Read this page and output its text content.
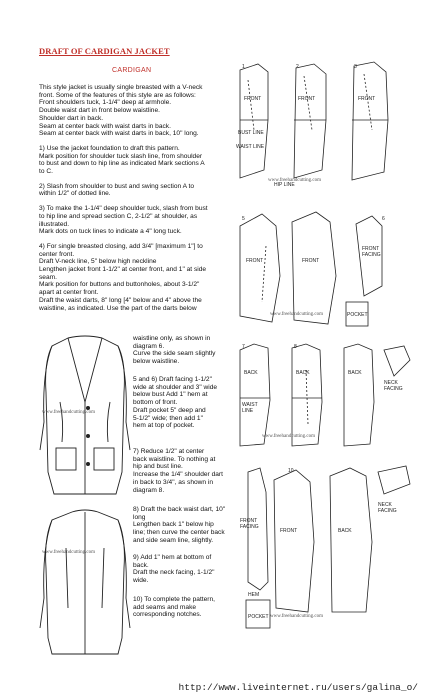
DRAFT OF CARDIGAN JACKET
CARDIGAN

This style jacket is usually single breasted with a V-neck
front. Some of the features of this style are as follows:
Front shoulders tuck, 1-1/4" deep at armhole.
Double waist dart in front below waistline.
Shoulder dart in back.
Seam at center back with waist darts in back.
Seam at center back with waist darts in back, 10" long.

1) Use the jacket foundation to draft this pattern.
Mark position for shoulder tuck slash line, from shoulder
to bust and down to hip line as indicated Mark sections A
to C.

2) Slash from shoulder to bust and swing section A to
within 1/2" of dotted line.

3) To make the 1-1/4" deep shoulder tuck, slash from bust
to hip line and spread section C, 2-1/2" at shoulder, as
illustrated.
Mark dots on tuck lines to indicate a 4" long tuck.

4) For single breasted closing, add 3/4" [maximum 1"] to
center front.
Draft V-neck line, 5" below high neckline
Lengthen jacket front 1-1/2" at center front, and 1" at side
seam.
Mark position for buttons and buttonholes, about 3-1/2"
apart at center front.
Draft the waist darts, 8" long [4" below and 4" above the
waistline, as indicated. Use the part of the darts below

waistline only, as shown in
diagram 6.
Curve the side seam slightly
below waistline.
5 and 6) Draft facing 1-1/2"
wide at shoulder and 3" wide
below bust Add 1" hem at
bottom of front.
Draft pocket 5" deep and
5-1/2" wide; then add 1"
hem at top of pocket.
7) Reduce 1/2" at center
back waistline. To nothing at
hip and bust line.
Increase the 1/4" shoulder dart
in back to 3/4", as shown in
diagram 8.
8) Draft the back waist dart, 10"
long
Lengthen back 1" below hip
line; then curve the center back
and side seam line, slightly.
9) Add 1" hem at bottom of
back.
Draft the neck facing, 1-1/2"
wide.
10) To complete the pattern,
add seams and make
corresponding notches.
www.freehandcutting.com
www.freehandcutting.com
FRONT	FRONT	FRONT
WAIST LINE
HIP LINE
BUST LINE
1	2	3
www.freehandcutting.com
FRONT	FRONT
FRONT
FACING
POCKET
5	6
www.freehandcutting.com
BACK
WAIST
LINE
BACK	BACK
NECK
FACING
7	8
www.freehandcutting.com
FRONT
FACING
FRONT	BACK
NECK
FACING
HEM
POCKET
10
www.freehandcutting.com
http://www.liveinternet.ru/users/galina_o/
